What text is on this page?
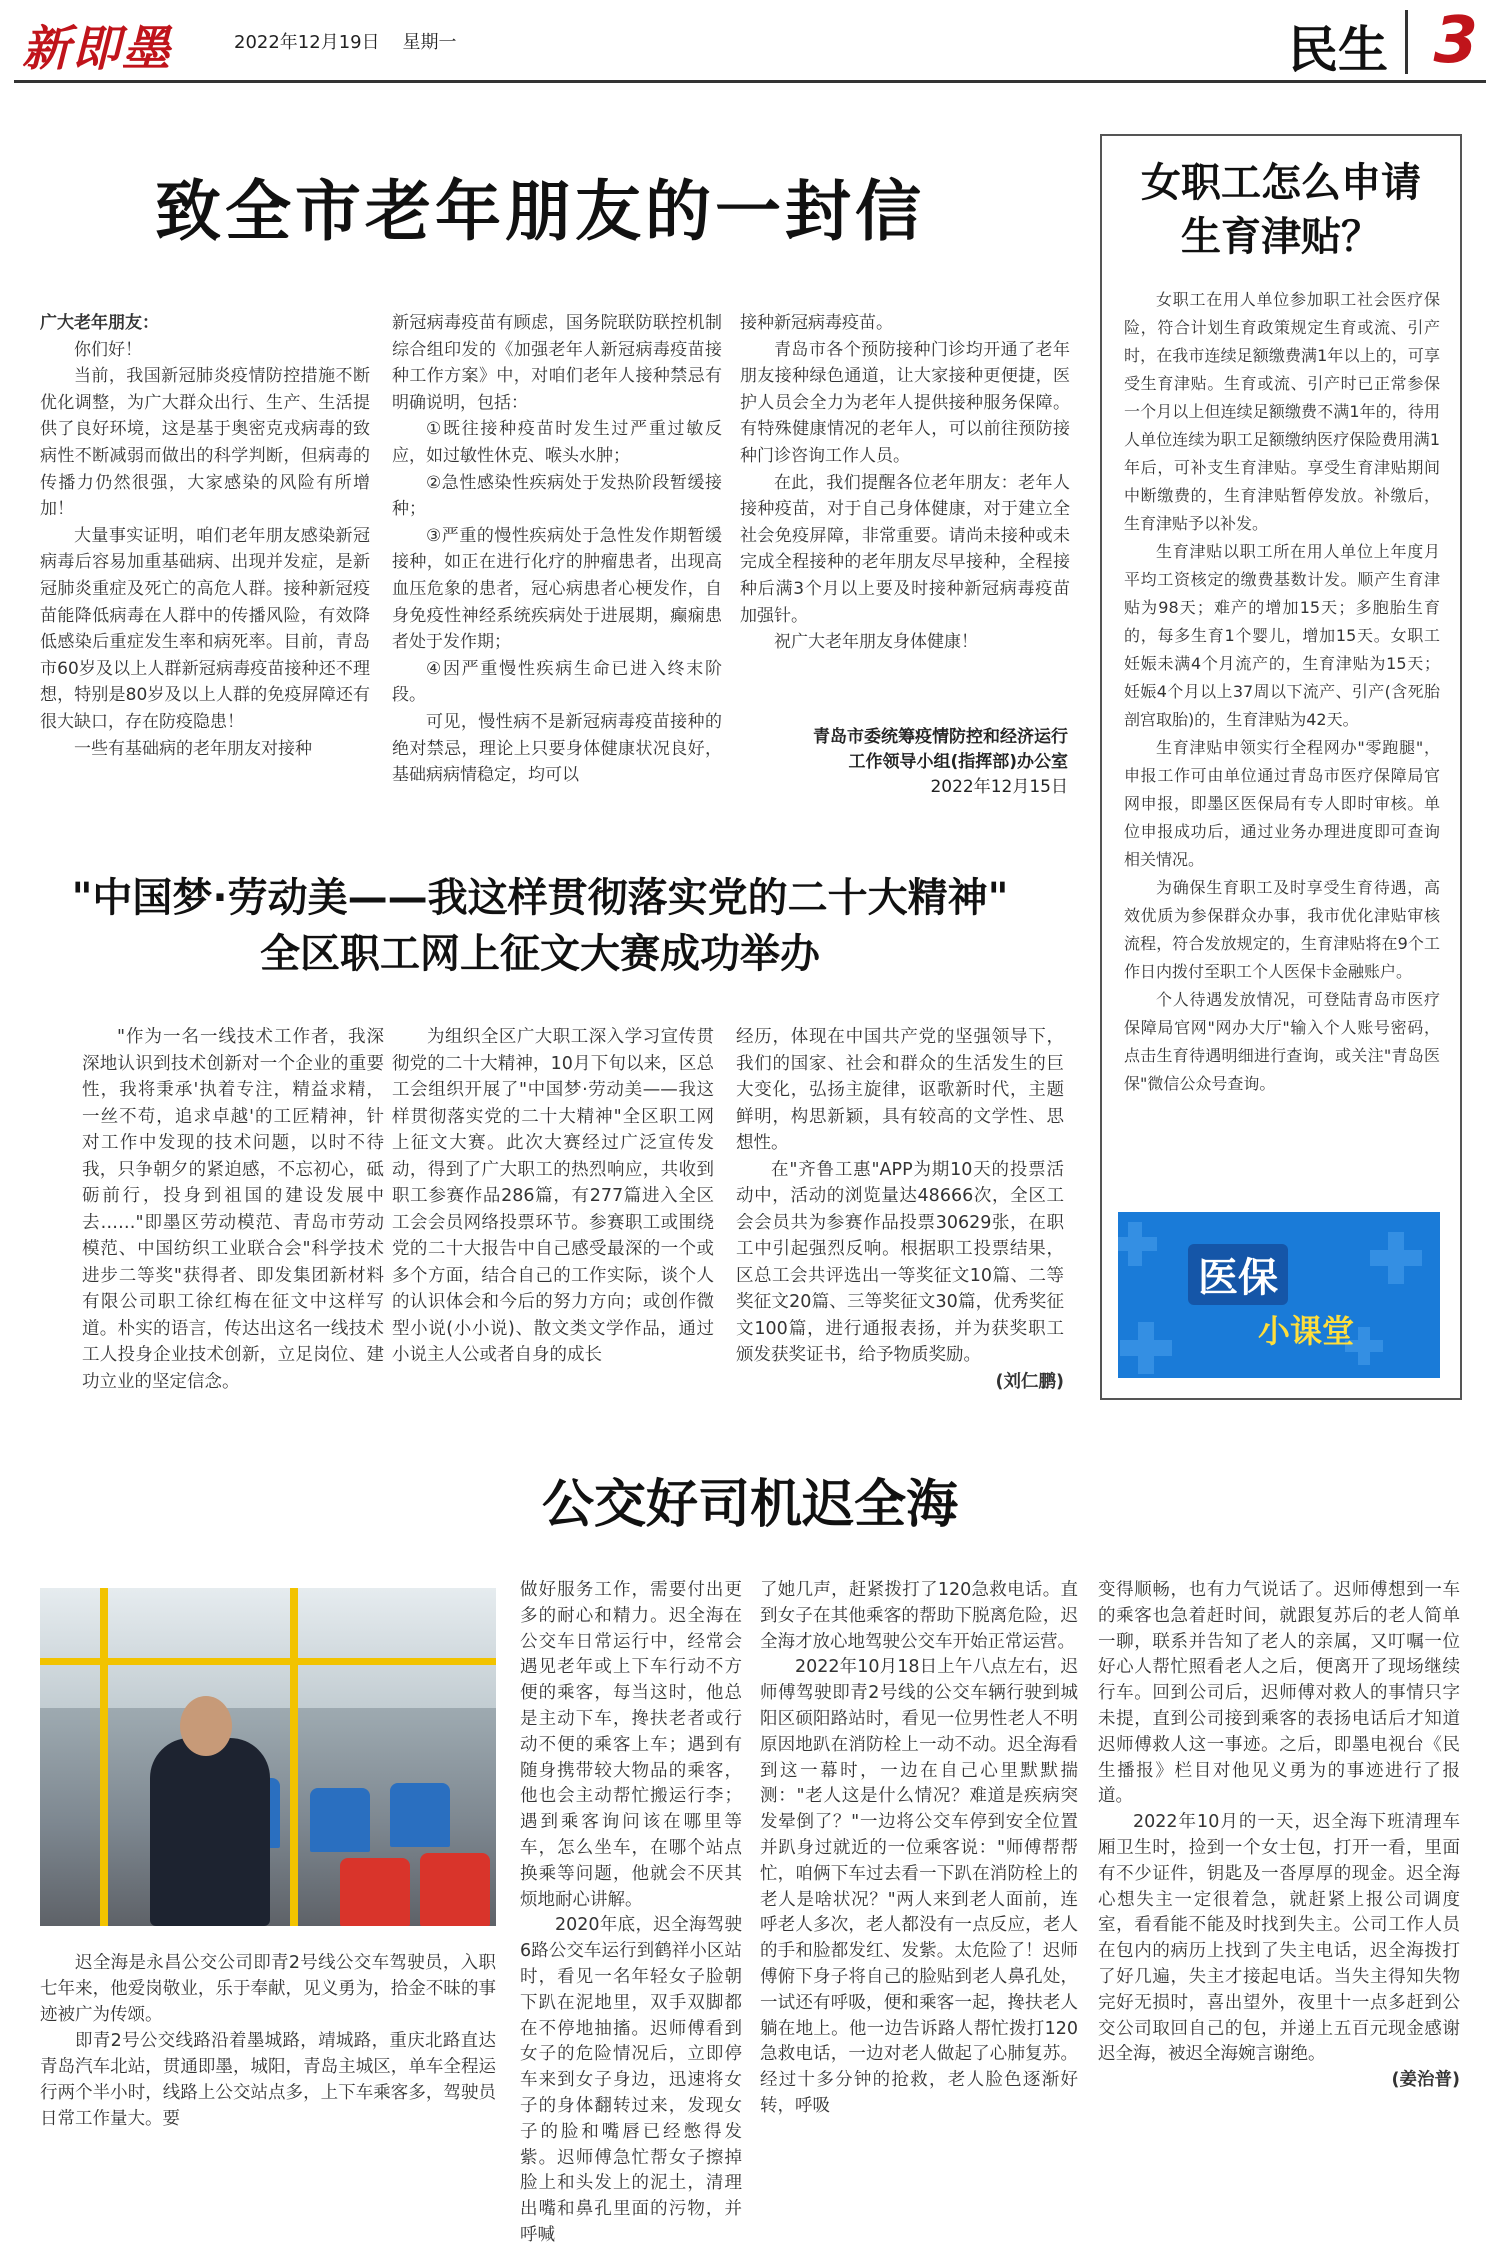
新即墨	2022年12月19日 星期一	民生 3
致全市老年朋友的一封信

广大老年朋友：

你们好！

当前，我国新冠肺炎疫情防控措施不断优化调整，为广大群众出行、生产、生活提供了良好环境，这是基于奥密克戎病毒的致病性不断减弱而做出的科学判断，但病毒的传播力仍然很强，大家感染的风险有所增加！

大量事实证明，咱们老年朋友感染新冠病毒后容易加重基础病、出现并发症，是新冠肺炎重症及死亡的高危人群。接种新冠疫苗能降低病毒在人群中的传播风险，有效降低感染后重症发生率和病死率。目前，青岛市60岁及以上人群新冠病毒疫苗接种还不理想，特别是80岁及以上人群的免疫屏障还有很大缺口，存在防疫隐患！

一些有基础病的老年朋友对接种

新冠病毒疫苗有顾虑，国务院联防联控机制综合组印发的《加强老年人新冠病毒疫苗接种工作方案》中，对咱们老年人接种禁忌有明确说明，包括：

①既往接种疫苗时发生过严重过敏反应，如过敏性休克、喉头水肿；

②急性感染性疾病处于发热阶段暂缓接种；

③严重的慢性疾病处于急性发作期暂缓接种，如正在进行化疗的肿瘤患者，出现高血压危象的患者，冠心病患者心梗发作，自身免疫性神经系统疾病处于进展期，癫痫患者处于发作期；

④因严重慢性疾病生命已进入终末阶段。

可见，慢性病不是新冠病毒疫苗接种的绝对禁忌，理论上只要身体健康状况良好，基础病病情稳定，均可以

接种新冠病毒疫苗。

青岛市各个预防接种门诊均开通了老年朋友接种绿色通道，让大家接种更便捷，医护人员会全力为老年人提供接种服务保障。有特殊健康情况的老年人，可以前往预防接种门诊咨询工作人员。

在此，我们提醒各位老年朋友：老年人接种疫苗，对于自己身体健康，对于建立全社会免疫屏障，非常重要。请尚未接种或未完成全程接种的老年朋友尽早接种，全程接种后满3个月以上要及时接种新冠病毒疫苗加强针。

祝广大老年朋友身体健康！

青岛市委统筹疫情防控和经济运行
工作领导小组(指挥部)办公室
2022年12月15日
女职工怎么申请
生育津贴？

女职工在用人单位参加职工社会医疗保险，符合计划生育政策规定生育或流、引产时，在我市连续足额缴费满1年以上的，可享受生育津贴。生育或流、引产时已正常参保一个月以上但连续足额缴费不满1年的，待用人单位连续为职工足额缴纳医疗保险费用满1年后，可补支生育津贴。享受生育津贴期间中断缴费的，生育津贴暂停发放。补缴后，生育津贴予以补发。

生育津贴以职工所在用人单位上年度月平均工资核定的缴费基数计发。顺产生育津贴为98天；难产的增加15天；多胞胎生育的，每多生育1个婴儿，增加15天。女职工妊娠未满4个月流产的，生育津贴为15天；妊娠4个月以上37周以下流产、引产(含死胎剖宫取胎)的，生育津贴为42天。

生育津贴申领实行全程网办"零跑腿"，申报工作可由单位通过青岛市医疗保障局官网申报，即墨区医保局有专人即时审核。单位申报成功后，通过业务办理进度即可查询相关情况。

为确保生育职工及时享受生育待遇，高效优质为参保群众办事，我市优化津贴审核流程，符合发放规定的，生育津贴将在9个工作日内拨付至职工个人医保卡金融账户。

个人待遇发放情况，可登陆青岛市医疗保障局官网"网办大厅"输入个人账号密码，点击生育待遇明细进行查询，或关注"青岛医保"微信公众号查询。

医保
小课堂
"中国梦·劳动美——我这样贯彻落实党的二十大精神"
全区职工网上征文大赛成功举办

"作为一名一线技术工作者，我深深地认识到技术创新对一个企业的重要性，我将秉承'执着专注，精益求精，一丝不苟，追求卓越'的工匠精神，针对工作中发现的技术问题，以时不待我，只争朝夕的紧迫感，不忘初心，砥砺前行，投身到祖国的建设发展中去……"即墨区劳动模范、青岛市劳动模范、中国纺织工业联合会"科学技术进步二等奖"获得者、即发集团新材料有限公司职工徐红梅在征文中这样写道。朴实的语言，传达出这名一线技术工人投身企业技术创新，立足岗位、建功立业的坚定信念。

为组织全区广大职工深入学习宣传贯彻党的二十大精神，10月下旬以来，区总工会组织开展了"中国梦·劳动美——我这样贯彻落实党的二十大精神"全区职工网上征文大赛。此次大赛经过广泛宣传发动，得到了广大职工的热烈响应，共收到职工参赛作品286篇，有277篇进入全区工会会员网络投票环节。参赛职工或围绕党的二十大报告中自己感受最深的一个或多个方面，结合自己的工作实际，谈个人的认识体会和今后的努力方向；或创作微型小说(小小说)、散文类文学作品，通过小说主人公或者自身的成长

经历，体现在中国共产党的坚强领导下，我们的国家、社会和群众的生活发生的巨大变化，弘扬主旋律，讴歌新时代，主题鲜明，构思新颖，具有较高的文学性、思想性。

在"齐鲁工惠"APP为期10天的投票活动中，活动的浏览量达48666次，全区工会会员共为参赛作品投票30629张，在职工中引起强烈反响。根据职工投票结果，区总工会共评选出一等奖征文10篇、二等奖征文20篇、三等奖征文30篇，优秀奖征文100篇，进行通报表扬，并为获奖职工颁发获奖证书，给予物质奖励。

(刘仁鹏)
公交好司机迟全海

迟全海是永昌公交公司即青2号线公交车驾驶员，入职七年来，他爱岗敬业，乐于奉献，见义勇为，拾金不昧的事迹被广为传颂。

即青2号公交线路沿着墨城路，靖城路，重庆北路直达青岛汽车北站，贯通即墨，城阳，青岛主城区，单车全程运行两个半小时，线路上公交站点多，上下车乘客多，驾驶员日常工作量大。要

做好服务工作，需要付出更多的耐心和精力。迟全海在公交车日常运行中，经常会遇见老年或上下车行动不方便的乘客，每当这时，他总是主动下车，搀扶老者或行动不便的乘客上车；遇到有随身携带较大物品的乘客，他也会主动帮忙搬运行李；遇到乘客询问该在哪里等车，怎么坐车，在哪个站点换乘等问题，他就会不厌其烦地耐心讲解。

2020年底，迟全海驾驶6路公交车运行到鹤祥小区站时，看见一名年轻女子脸朝下趴在泥地里，双手双脚都在不停地抽搐。迟师傅看到女子的危险情况后，立即停车来到女子身边，迅速将女子的身体翻转过来，发现女子的脸和嘴唇已经憋得发紫。迟师傅急忙帮女子擦掉脸上和头发上的泥土，清理出嘴和鼻孔里面的污物，并呼喊

了她几声，赶紧拨打了120急救电话。直到女子在其他乘客的帮助下脱离危险，迟全海才放心地驾驶公交车开始正常运营。

2022年10月18日上午八点左右，迟师傅驾驶即青2号线的公交车辆行驶到城阳区硕阳路站时，看见一位男性老人不明原因地趴在消防栓上一动不动。迟全海看到这一幕时，一边在自己心里默默揣测："老人这是什么情况？难道是疾病突发晕倒了？"一边将公交车停到安全位置并趴身过就近的一位乘客说："师傅帮帮忙，咱俩下车过去看一下趴在消防栓上的老人是啥状况？"两人来到老人面前，连呼老人多次，老人都没有一点反应，老人的手和脸都发红、发紫。太危险了！迟师傅俯下身子将自己的脸贴到老人鼻孔处，一试还有呼吸，便和乘客一起，搀扶老人躺在地上。他一边告诉路人帮忙拨打120急救电话，一边对老人做起了心肺复苏。经过十多分钟的抢救，老人脸色逐渐好转，呼吸

变得顺畅，也有力气说话了。迟师傅想到一车的乘客也急着赶时间，就跟复苏后的老人简单一聊，联系并告知了老人的亲属，又叮嘱一位好心人帮忙照看老人之后，便离开了现场继续行车。回到公司后，迟师傅对救人的事情只字未提，直到公司接到乘客的表扬电话后才知道迟师傅救人这一事迹。之后，即墨电视台《民生播报》栏目对他见义勇为的事迹进行了报道。

2022年10月的一天，迟全海下班清理车厢卫生时，捡到一个女士包，打开一看，里面有不少证件，钥匙及一沓厚厚的现金。迟全海心想失主一定很着急，就赶紧上报公司调度室，看看能不能及时找到失主。公司工作人员在包内的病历上找到了失主电话，迟全海拨打了好几遍，失主才接起电话。当失主得知失物完好无损时，喜出望外，夜里十一点多赶到公交公司取回自己的包，并递上五百元现金感谢迟全海，被迟全海婉言谢绝。

(姜治普)
